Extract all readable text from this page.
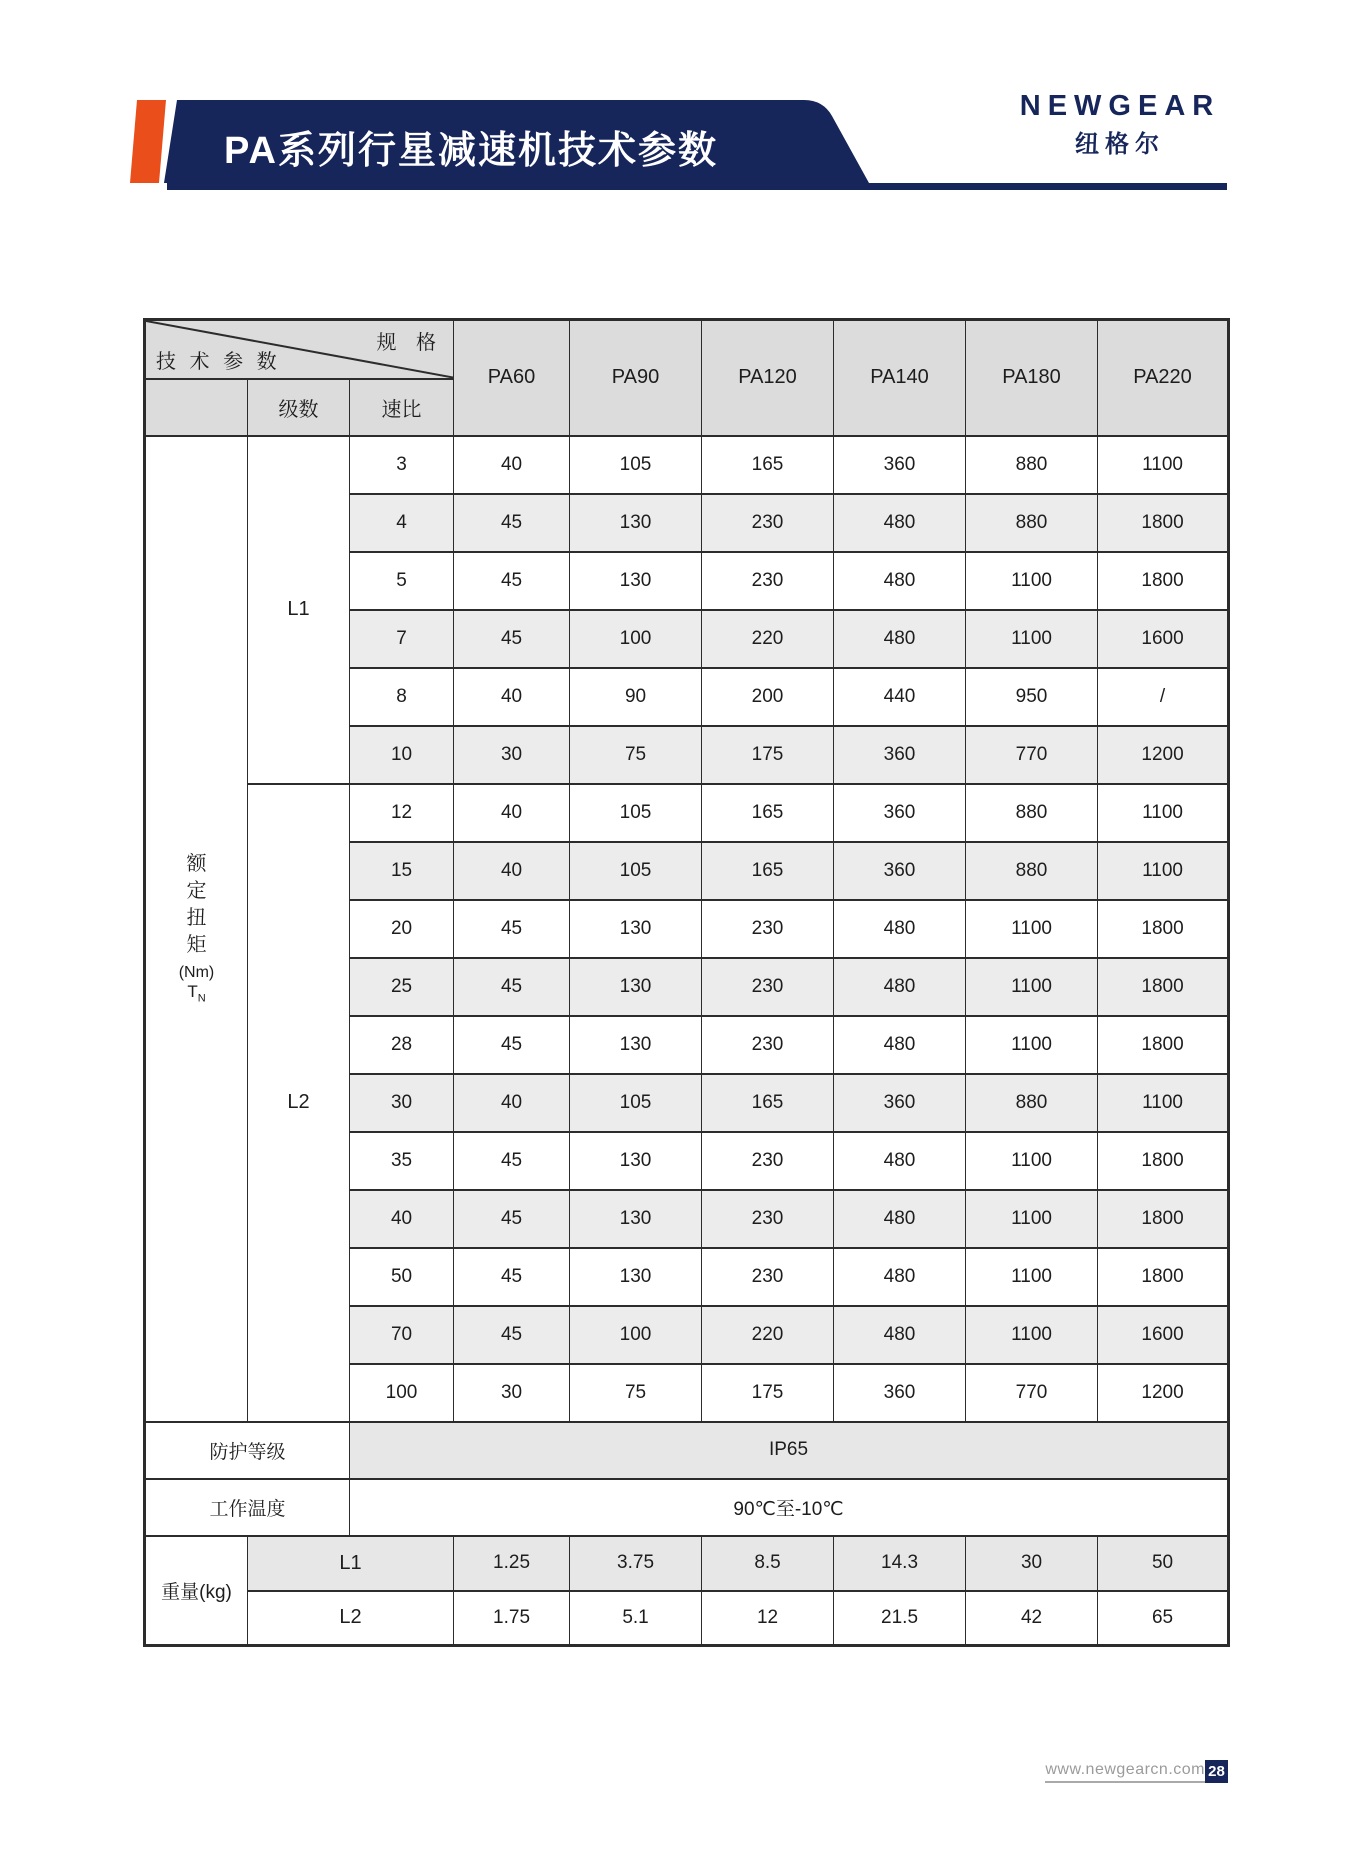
PA系列行星减速机技术参数
NEWGEAR
纽格尔
规 格
技 术 参 数			PA60	PA90	PA120	PA140	PA180	PA220
	级数	速比						

额
定
扭
矩
(Nm)
$T_N$
	L1	3	40	105	165	360	880	1100
		4	45	130	230	480	880	1800
		5	45	130	230	480	1100	1800
		7	45	100	220	480	1100	1600
		8	40	90	200	440	950	/
		10	30	75	175	360	770	1200
	L2	12	40	105	165	360	880	1100
		15	40	105	165	360	880	1100
		20	45	130	230	480	1100	1800
		25	45	130	230	480	1100	1800
		28	45	130	230	480	1100	1800
		30	40	105	165	360	880	1100
		35	45	130	230	480	1100	1800
		40	45	130	230	480	1100	1800
		50	45	130	230	480	1100	1800
		70	45	100	220	480	1100	1600
		100	30	75	175	360	770	1200
防护等级		IP65						
工作温度		90℃至-10℃						
重量(kg)	L1		1.25	3.75	8.5	14.3	30	50
	L2		1.75	5.1	12	21.5	42	65
www.newgearcn.com 28
